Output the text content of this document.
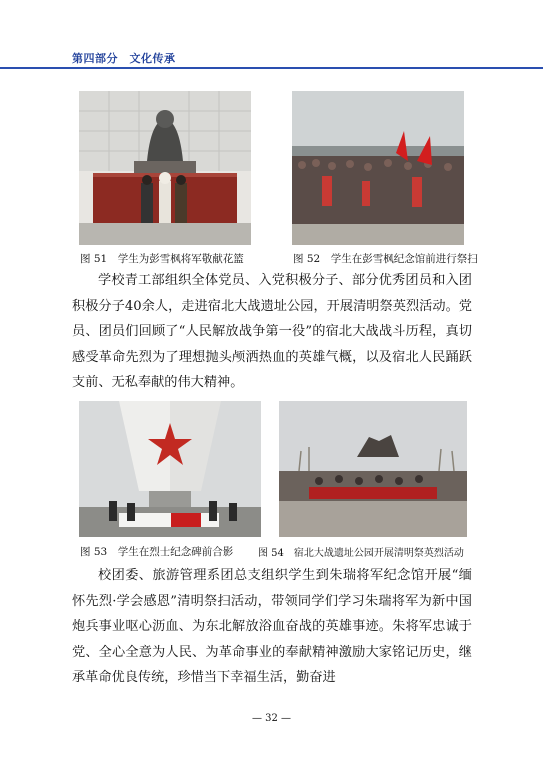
第四部分　文化传承
图 51　 学生为彭雪枫将军敬献花篮	图 52　 学生在彭雪枫纪念馆前进行祭扫

学校青工部组织全体党员、入党积极分子、部分优秀团员和入团积极分子40余人，走进宿北大战遗址公园，开展清明祭英烈活动。党员、团员们回顾了“人民解放战争第一役”的宿北大战战斗历程，真切感受革命先烈为了理想抛头颅洒热血的英雄气概，以及宿北人民踊跃支前、无私奉献的伟大精神。

图 53　 学生在烈士纪念碑前合影 图 54　 宿北大战遗址公园开展清明祭英烈活动

校团委、旅游管理系团总支组织学生到朱瑞将军纪念馆开展“缅怀先烈·学会感恩”清明祭扫活动，带领同学们学习朱瑞将军为新中国炮兵事业呕心沥血、为东北解放浴血奋战的英雄事迹。朱将军忠诚于党、全心全意为人民、为革命事业的奉献精神激励大家铭记历史，继承革命优良传统，珍惜当下幸福生活，勤奋进

— 32 —
